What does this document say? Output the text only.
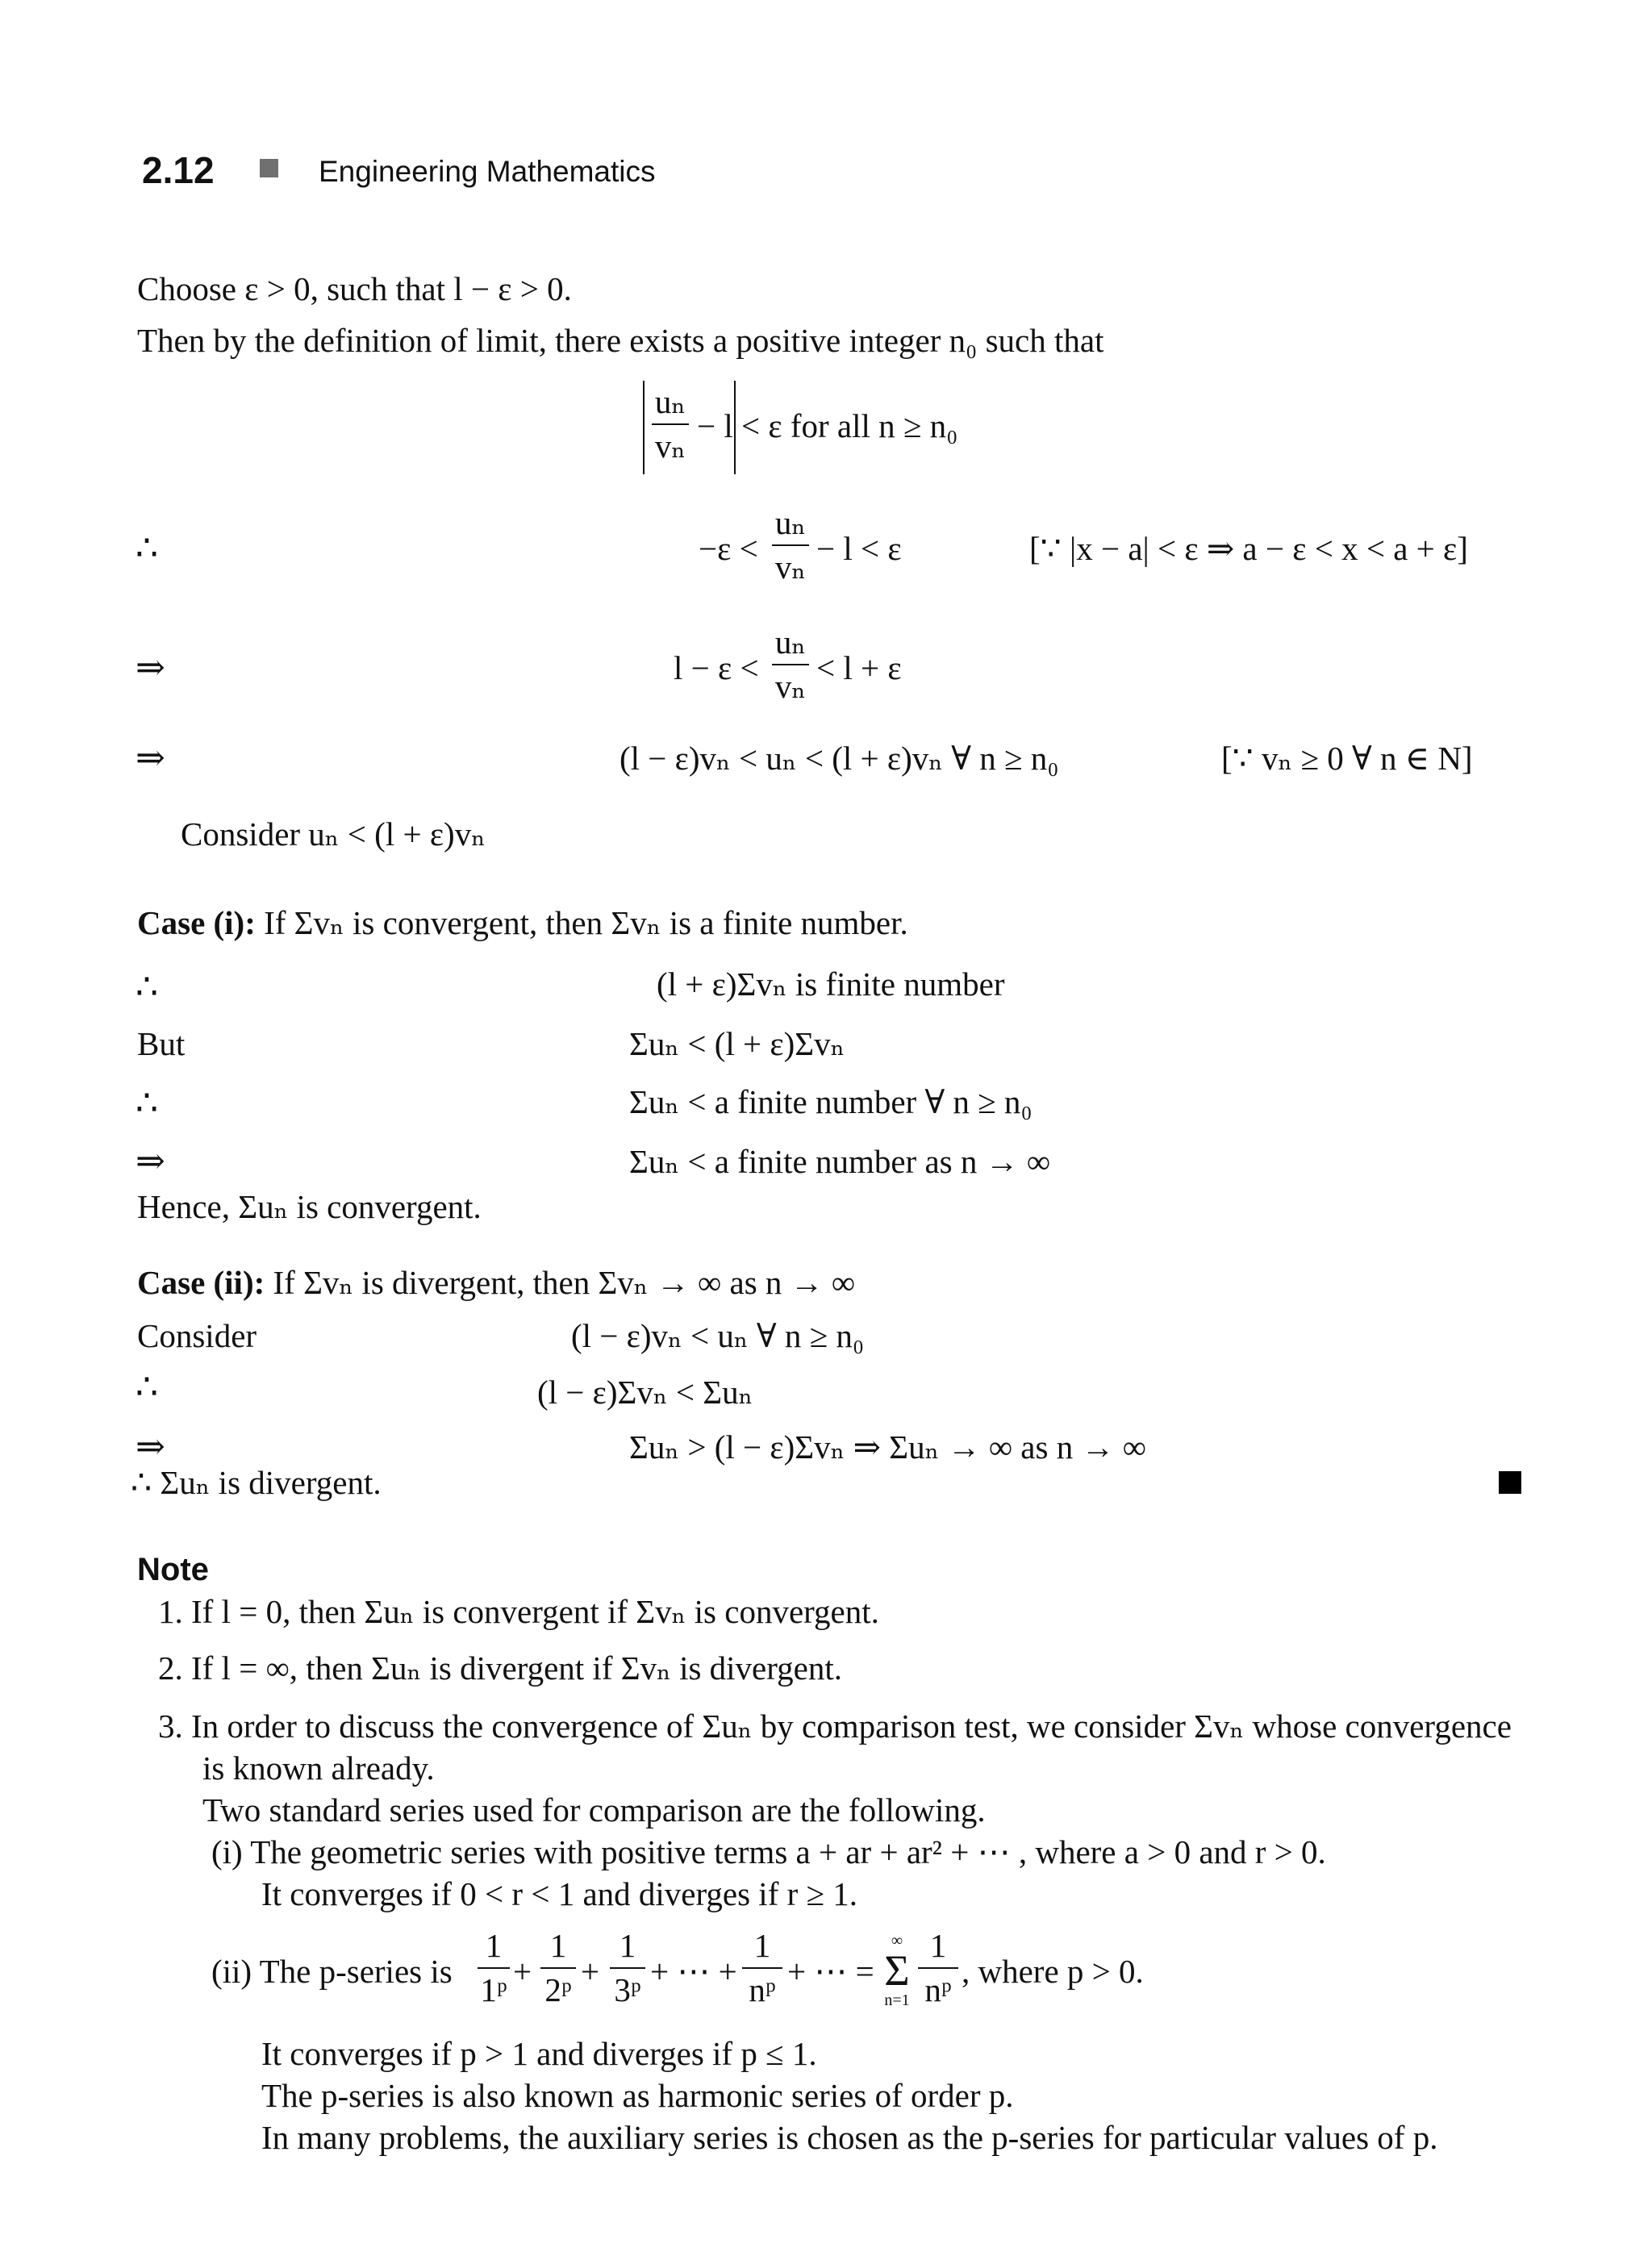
2.12	Engineering Mathematics
Choose ε > 0, such that l − ε > 0.
Then by the definition of limit, there exists a positive integer n₀ such that
uₙ
vₙ
− l < ε for all n ≥ n₀
∴	−ε <
uₙ
vₙ − l < ε	[∵ |x − a| < ε ⇒ a − ε < x < a + ε]
⇒	l − ε <
uₙ
vₙ < l + ε
⇒	(l − ε)vₙ < uₙ < (l + ε)vₙ ∀ n ≥ n₀	[∵ vₙ ≥ 0 ∀ n ∈ N]
Consider uₙ < (l + ε)vₙ
Case (i): If Σvₙ is convergent, then Σvₙ is a finite number.
∴	(l + ε)Σvₙ is finite number
But	Σuₙ < (l + ε)Σvₙ
∴	Σuₙ < a finite number ∀ n ≥ n₀
⇒	Σuₙ < a finite number as n → ∞
Hence, Σuₙ is convergent.
Case (ii): If Σvₙ is divergent, then Σvₙ → ∞ as n → ∞
Consider	(l − ε)vₙ < uₙ ∀ n ≥ n₀
∴	(l − ε)Σvₙ < Σuₙ
⇒	Σuₙ > (l − ε)Σvₙ ⇒ Σuₙ → ∞ as n → ∞
∴ Σuₙ is divergent.
Note
1. If l = 0, then Σuₙ is convergent if Σvₙ is convergent.
2. If l = ∞, then Σuₙ is divergent if Σvₙ is divergent.
3. In order to discuss the convergence of Σuₙ by comparison test, we consider Σvₙ whose convergence
is known already.
Two standard series used for comparison are the following.
(i) The geometric series with positive terms a + ar + ar² + ⋯ , where a > 0 and r > 0.
It converges if 0 < r < 1 and diverges if r ≥ 1.
(ii) The p-series is
1
1ᵖ +
1
2ᵖ +
1
3ᵖ + ⋯ +
1
nᵖ + ⋯ =
∞
Σ
n=1
1
nᵖ , where p > 0.
It converges if p > 1 and diverges if p ≤ 1.
The p-series is also known as harmonic series of order p.
In many problems, the auxiliary series is chosen as the p-series for particular values of p.
